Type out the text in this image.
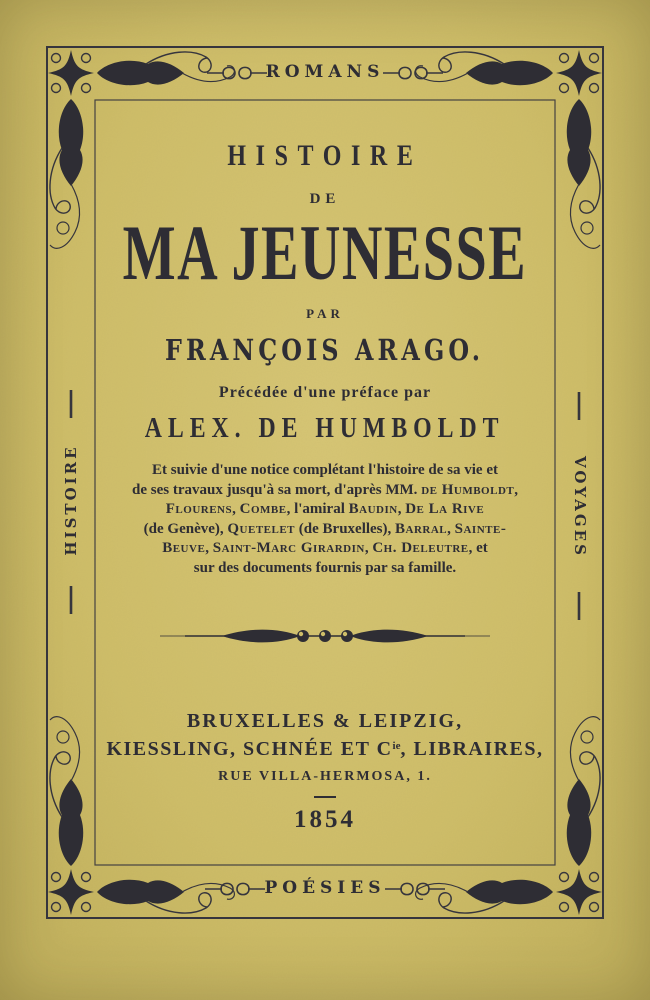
ROMANS
POÉSIES
HISTOIRE	VOYAGES
HISTOIRE
DE
MA JEUNESSE
PAR
FRANÇOIS ARAGO.
Précédée d'une préface par
ALEX. DE HUMBOLDT
Et suivie d'une notice complétant l'histoire de sa vie et
de ses travaux jusqu'à sa mort, d'après MM. de Humboldt,
Flourens, Combe, l'amiral Baudin, De La Rive
(de Genève), Quetelet (de Bruxelles), Barral, Sainte-
Beuve, Saint-Marc Girardin, Ch. Deleutre, et
sur des documents fournis par sa famille.
BRUXELLES & LEIPZIG,
KIESSLING, SCHNÉE ET $C^{ie}$, LIBRAIRES,
RUE VILLA-HERMOSA, 1.
1854
